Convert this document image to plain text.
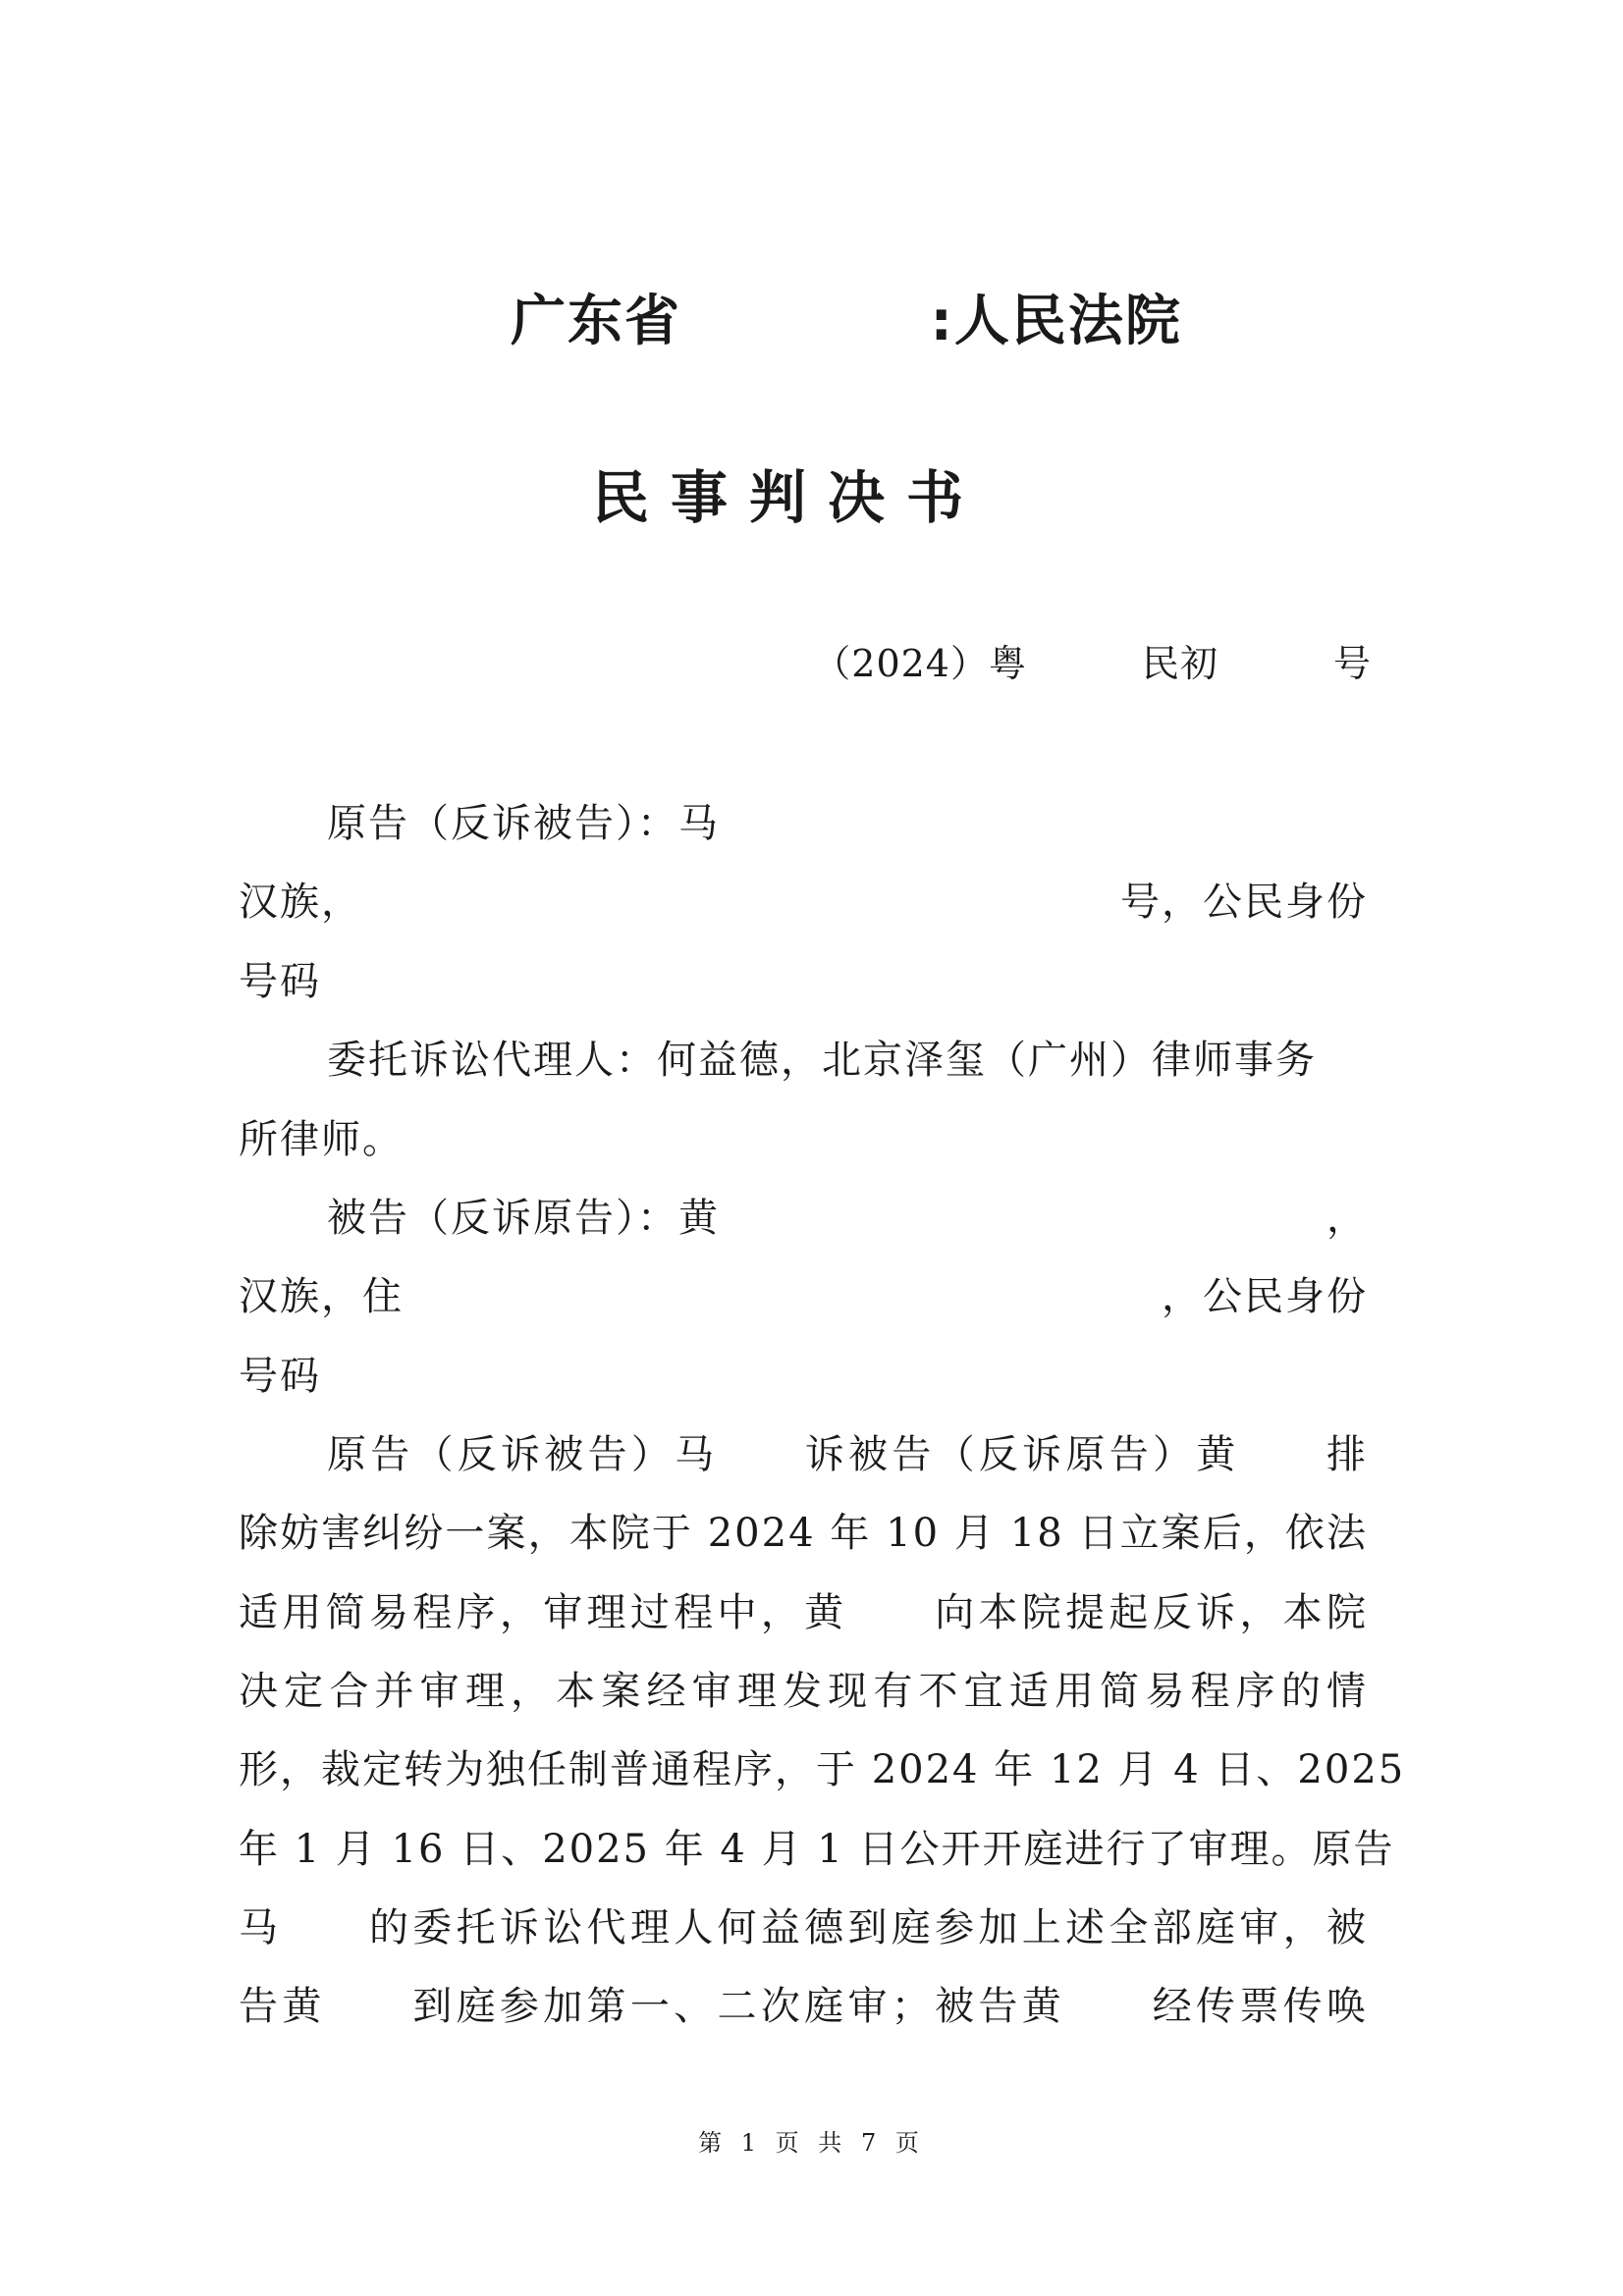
广东省　　　　 :人民法院
民事判决书
（2024）粤　　　民初　　　号
原告（反诉被告）：马
汉族，	号，公民身份
号码
委托诉讼代理人：何益德，北京泽玺（广州）律师事务
所律师。
被告（反诉原告）：黄	，
汉族，住	，公民身份
号码
原告（反诉被告）马　　诉被告（反诉原告）黄　　排
除妨害纠纷一案，本院于 2024 年 10 月 18 日立案后，依法
适用简易程序，审理过程中，黄　　向本院提起反诉，本院
决定合并审理，本案经审理发现有不宜适用简易程序的情
形，裁定转为独任制普通程序，于 2024 年 12 月 4 日、2025
年 1 月 16 日、2025 年 4 月 1 日公开开庭进行了审理。原告
马　　的委托诉讼代理人何益德到庭参加上述全部庭审，被
告黄　　到庭参加第一、二次庭审；被告黄　　经传票传唤
第 1 页 共 7 页
